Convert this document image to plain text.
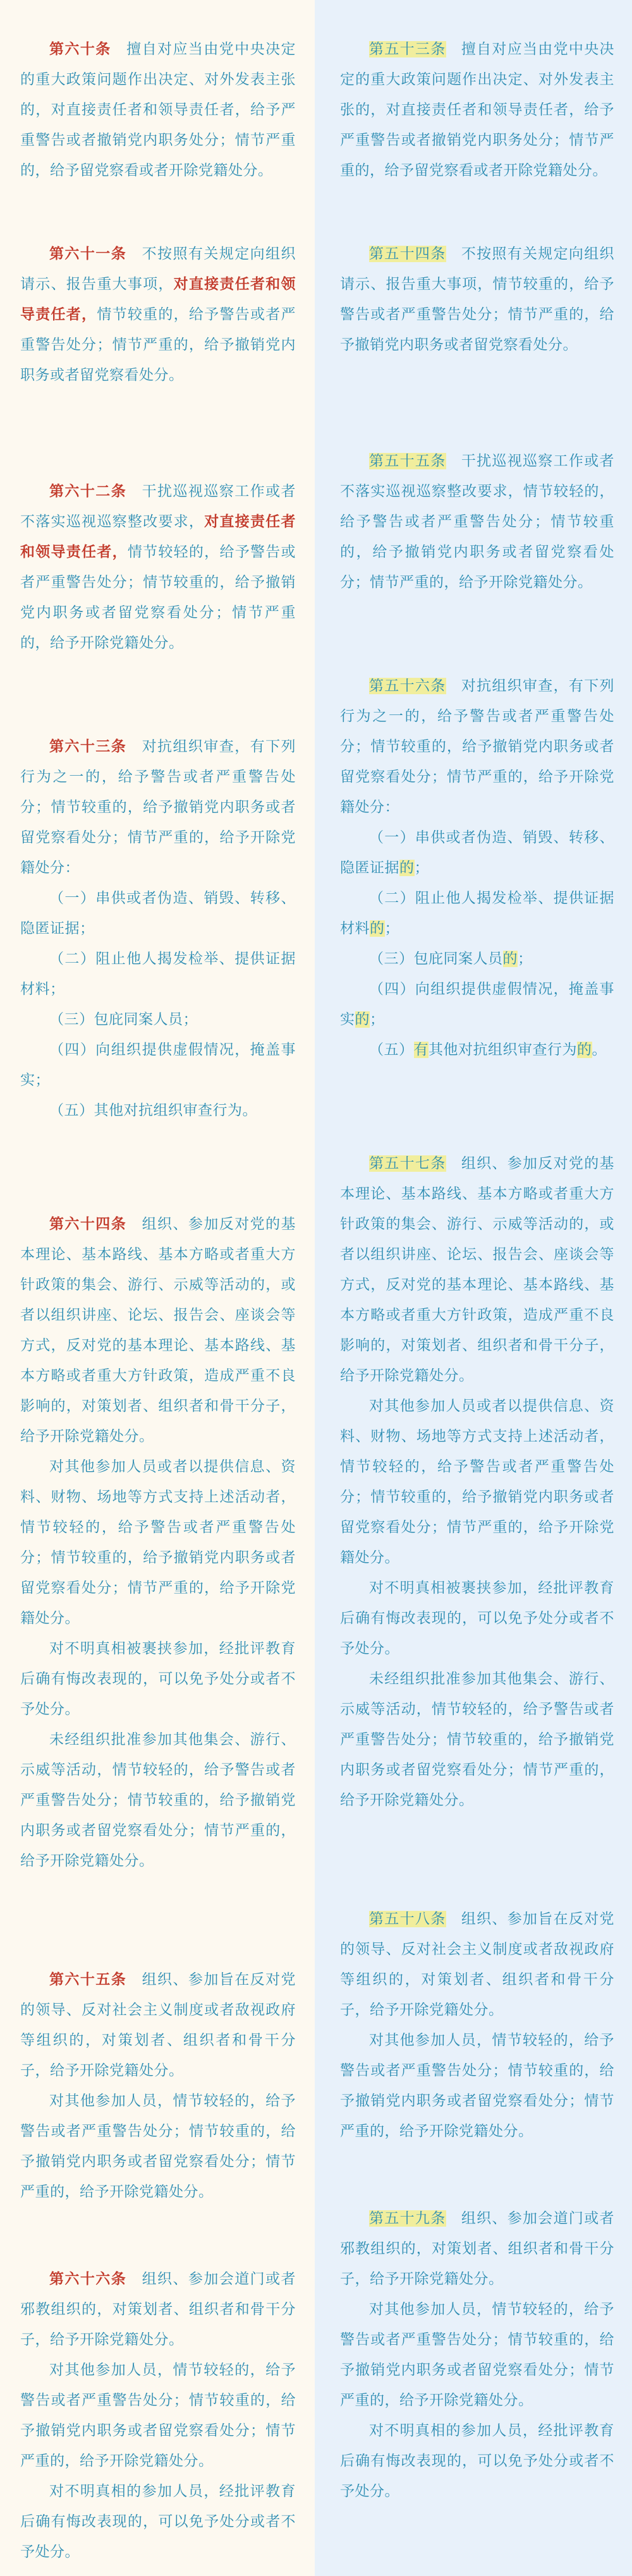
第六十条　 擅自对应当由党中央决定的重大政策问题作出决定、对外发表主张的，对直接责任者和领导责任者，给予严重警告或者撤销党内职务处分；情节严重的，给予留党察看或者开除党籍处分。

第六十一条　 不按照有关规定向组织请示、报告重大事项，对直接责任者和领导责任者，情节较重的，给予警告或者严重警告处分；情节严重的，给予撤销党内职务或者留党察看处分。

第六十二条　 干扰巡视巡察工作或者不落实巡视巡察整改要求，对直接责任者和领导责任者，情节较轻的，给予警告或者严重警告处分；情节较重的，给予撤销党内职务或者留党察看处分；情节严重的，给予开除党籍处分。

第六十三条　 对抗组织审查，有下列行为之一的，给予警告或者严重警告处分；情节较重的，给予撤销党内职务或者留党察看处分；情节严重的，给予开除党籍处分：

（一）串供或者伪造、销毁、转移、隐匿证据；

（二）阻止他人揭发检举、提供证据材料；

（三）包庇同案人员；

（四）向组织提供虚假情况，掩盖事实；

（五）其他对抗组织审查行为。

第六十四条　 组织、参加反对党的基本理论、基本路线、基本方略或者重大方针政策的集会、游行、示威等活动的，或者以组织讲座、论坛、报告会、座谈会等方式，反对党的基本理论、基本路线、基本方略或者重大方针政策，造成严重不良影响的，对策划者、组织者和骨干分子，给予开除党籍处分。

对其他参加人员或者以提供信息、资料、财物、场地等方式支持上述活动者，情节较轻的，给予警告或者严重警告处分；情节较重的，给予撤销党内职务或者留党察看处分；情节严重的，给予开除党籍处分。

对不明真相被裹挟参加，经批评教育后确有悔改表现的，可以免予处分或者不予处分。

未经组织批准参加其他集会、游行、示威等活动，情节较轻的，给予警告或者严重警告处分；情节较重的，给予撤销党内职务或者留党察看处分；情节严重的，给予开除党籍处分。

第六十五条　 组织、参加旨在反对党的领导、反对社会主义制度或者敌视政府等组织的，对策划者、组织者和骨干分子，给予开除党籍处分。

对其他参加人员，情节较轻的，给予警告或者严重警告处分；情节较重的，给予撤销党内职务或者留党察看处分；情节严重的，给予开除党籍处分。

第六十六条　 组织、参加会道门或者邪教组织的，对策划者、组织者和骨干分子，给予开除党籍处分。

对其他参加人员，情节较轻的，给予警告或者严重警告处分；情节较重的，给予撤销党内职务或者留党察看处分；情节严重的，给予开除党籍处分。

对不明真相的参加人员，经批评教育后确有悔改表现的，可以免予处分或者不予处分。

第五十三条　 擅自对应当由党中央决定的重大政策问题作出决定、对外发表主张的，对直接责任者和领导责任者，给予严重警告或者撤销党内职务处分；情节严重的，给予留党察看或者开除党籍处分。

第五十四条　 不按照有关规定向组织请示、报告重大事项，情节较重的，给予警告或者严重警告处分；情节严重的，给予撤销党内职务或者留党察看处分。

第五十五条　 干扰巡视巡察工作或者不落实巡视巡察整改要求，情节较轻的，给予警告或者严重警告处分；情节较重的，给予撤销党内职务或者留党察看处分；情节严重的，给予开除党籍处分。

第五十六条　 对抗组织审查，有下列行为之一的，给予警告或者严重警告处分；情节较重的，给予撤销党内职务或者留党察看处分；情节严重的，给予开除党籍处分：

（一）串供或者伪造、销毁、转移、隐匿证据的；

（二）阻止他人揭发检举、提供证据材料的；

（三）包庇同案人员的；

（四）向组织提供虚假情况，掩盖事实的；

（五）有其他对抗组织审查行为的。

第五十七条　 组织、参加反对党的基本理论、基本路线、基本方略或者重大方针政策的集会、游行、示威等活动的，或者以组织讲座、论坛、报告会、座谈会等方式，反对党的基本理论、基本路线、基本方略或者重大方针政策，造成严重不良影响的，对策划者、组织者和骨干分子，给予开除党籍处分。

对其他参加人员或者以提供信息、资料、财物、场地等方式支持上述活动者，情节较轻的，给予警告或者严重警告处分；情节较重的，给予撤销党内职务或者留党察看处分；情节严重的，给予开除党籍处分。

对不明真相被裹挟参加，经批评教育后确有悔改表现的，可以免予处分或者不予处分。

未经组织批准参加其他集会、游行、示威等活动，情节较轻的，给予警告或者严重警告处分；情节较重的，给予撤销党内职务或者留党察看处分；情节严重的，给予开除党籍处分。

第五十八条　 组织、参加旨在反对党的领导、反对社会主义制度或者敌视政府等组织的，对策划者、组织者和骨干分子，给予开除党籍处分。

对其他参加人员，情节较轻的，给予警告或者严重警告处分；情节较重的，给予撤销党内职务或者留党察看处分；情节严重的，给予开除党籍处分。

第五十九条　 组织、参加会道门或者邪教组织的，对策划者、组织者和骨干分子，给予开除党籍处分。

对其他参加人员，情节较轻的，给予警告或者严重警告处分；情节较重的，给予撤销党内职务或者留党察看处分；情节严重的，给予开除党籍处分。

对不明真相的参加人员，经批评教育后确有悔改表现的，可以免予处分或者不予处分。
